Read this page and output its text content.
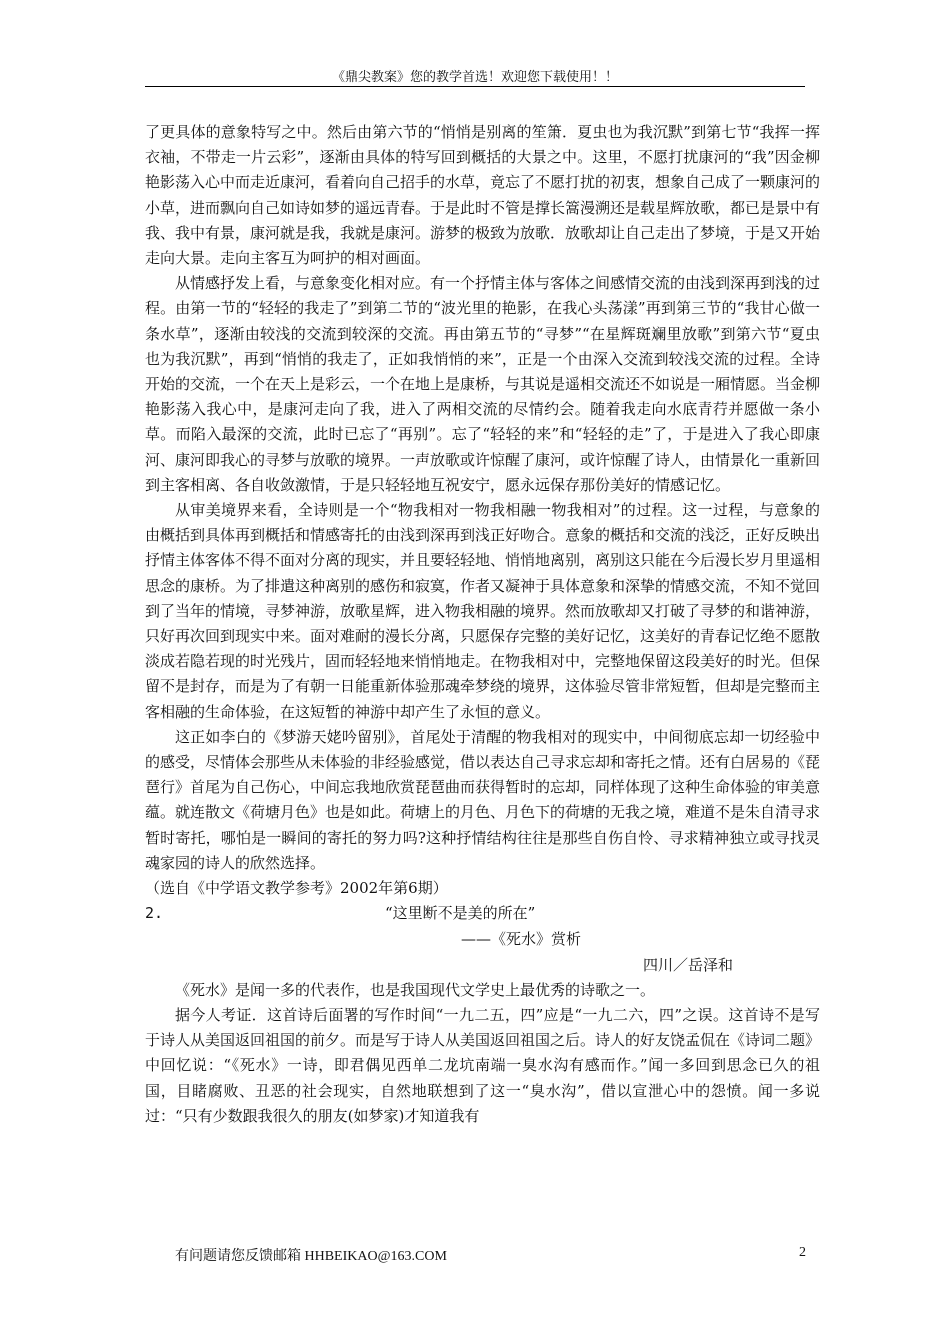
《鼎尖教案》您的教学首选！欢迎您下载使用！！

了更具体的意象特写之中。然后由第六节的“悄悄是别离的笙箫．夏虫也为我沉默”到第七节“我挥一挥衣袖，不带走一片云彩”，逐渐由具体的特写回到概括的大景之中。这里，不愿打扰康河的“我”因金柳艳影荡入心中而走近康河，看着向自己招手的水草，竟忘了不愿打扰的初衷，想象自己成了一颗康河的小草，进而飘向自己如诗如梦的遥远青春。于是此时不管是撑长篙漫溯还是载星辉放歌，都已是景中有我、我中有景，康河就是我，我就是康河。游梦的极致为放歌．放歌却让自己走出了梦境，于是又开始走向大景。走向主客互为呵护的相对画面。

从情感抒发上看，与意象变化相对应。有一个抒情主体与客体之间感情交流的由浅到深再到浅的过程。由第一节的“轻轻的我走了”到第二节的“波光里的艳影，在我心头荡漾”再到第三节的“我甘心做一条水草”，逐渐由较浅的交流到较深的交流。再由第五节的“寻梦”“在星辉斑斓里放歌”到第六节“夏虫也为我沉默”，再到“悄悄的我走了，正如我悄悄的来”，正是一个由深入交流到较浅交流的过程。全诗开始的交流，一个在天上是彩云，一个在地上是康桥，与其说是遥相交流还不如说是一厢情愿。当金柳艳影荡入我心中，是康河走向了我，进入了两相交流的尽情约会。随着我走向水底青荇并愿做一条小草。而陷入最深的交流，此时已忘了“再别”。忘了“轻轻的来”和“轻轻的走”了，于是进入了我心即康河、康河即我心的寻梦与放歌的境界。一声放歌或许惊醒了康河，或许惊醒了诗人，由情景化一重新回到主客相离、各自收敛激情，于是只轻轻地互祝安宁，愿永远保存那份美好的情感记忆。

从审美境界来看，全诗则是一个“物我相对一物我相融一物我相对”的过程。这一过程，与意象的由概括到具体再到概括和情感寄托的由浅到深再到浅正好吻合。意象的概括和交流的浅泛，正好反映出抒情主体客体不得不面对分离的现实，并且要轻轻地、悄悄地离别，离别这只能在今后漫长岁月里遥相思念的康桥。为了排遣这种离别的感伤和寂寞，作者又凝神于具体意象和深挚的情感交流，不知不觉回到了当年的情境，寻梦神游，放歌星辉，进入物我相融的境界。然而放歌却又打破了寻梦的和谐神游，只好再次回到现实中来。面对难耐的漫长分离，只愿保存完整的美好记忆，这美好的青春记忆绝不愿散淡成若隐若现的时光残片，固而轻轻地来悄悄地走。在物我相对中，完整地保留这段美好的时光。但保留不是封存，而是为了有朝一日能重新体验那魂牵梦绕的境界，这体验尽管非常短暂，但却是完整而主客相融的生命体验，在这短暂的神游中却产生了永恒的意义。

这正如李白的《梦游天姥吟留别》，首尾处于清醒的物我相对的现实中，中间彻底忘却一切经验中的感受，尽情体会那些从未体验的非经验感觉，借以表达自己寻求忘却和寄托之情。还有白居易的《琵琶行》首尾为自己伤心，中间忘我地欣赏琵琶曲而获得暂时的忘却，同样体现了这种生命体验的审美意蕴。就连散文《荷塘月色》也是如此。荷塘上的月色、月色下的荷塘的无我之境，难道不是朱自清寻求暂时寄托，哪怕是一瞬间的寄托的努力吗?这种抒情结构往往是那些自伤自怜、寻求精神独立或寻找灵魂家园的诗人的欣然选择。

（选自《中学语文教学参考》2002年第6期）

2.	“这里断不是美的所在”

——《死水》赏析

四川／岳泽和

《死水》是闻一多的代表作，也是我国现代文学史上最优秀的诗歌之一。

据今人考证．这首诗后面署的写作时间“一九二五，四”应是“一九二六，四”之误。这首诗不是写于诗人从美国返回祖国的前夕。而是写于诗人从美国返回祖国之后。诗人的好友饶孟侃在《诗词二题》中回忆说：“《死水》一诗，即君偶见西单二龙坑南端一臭水沟有感而作。”闻一多回到思念已久的祖国，目睹腐败、丑恶的社会现实，自然地联想到了这一“臭水沟”，借以宣泄心中的怨愤。闻一多说过：“只有少数跟我很久的朋友(如梦家)才知道我有

有问题请您反馈邮箱 HHBEIKAO@163.COM	2
